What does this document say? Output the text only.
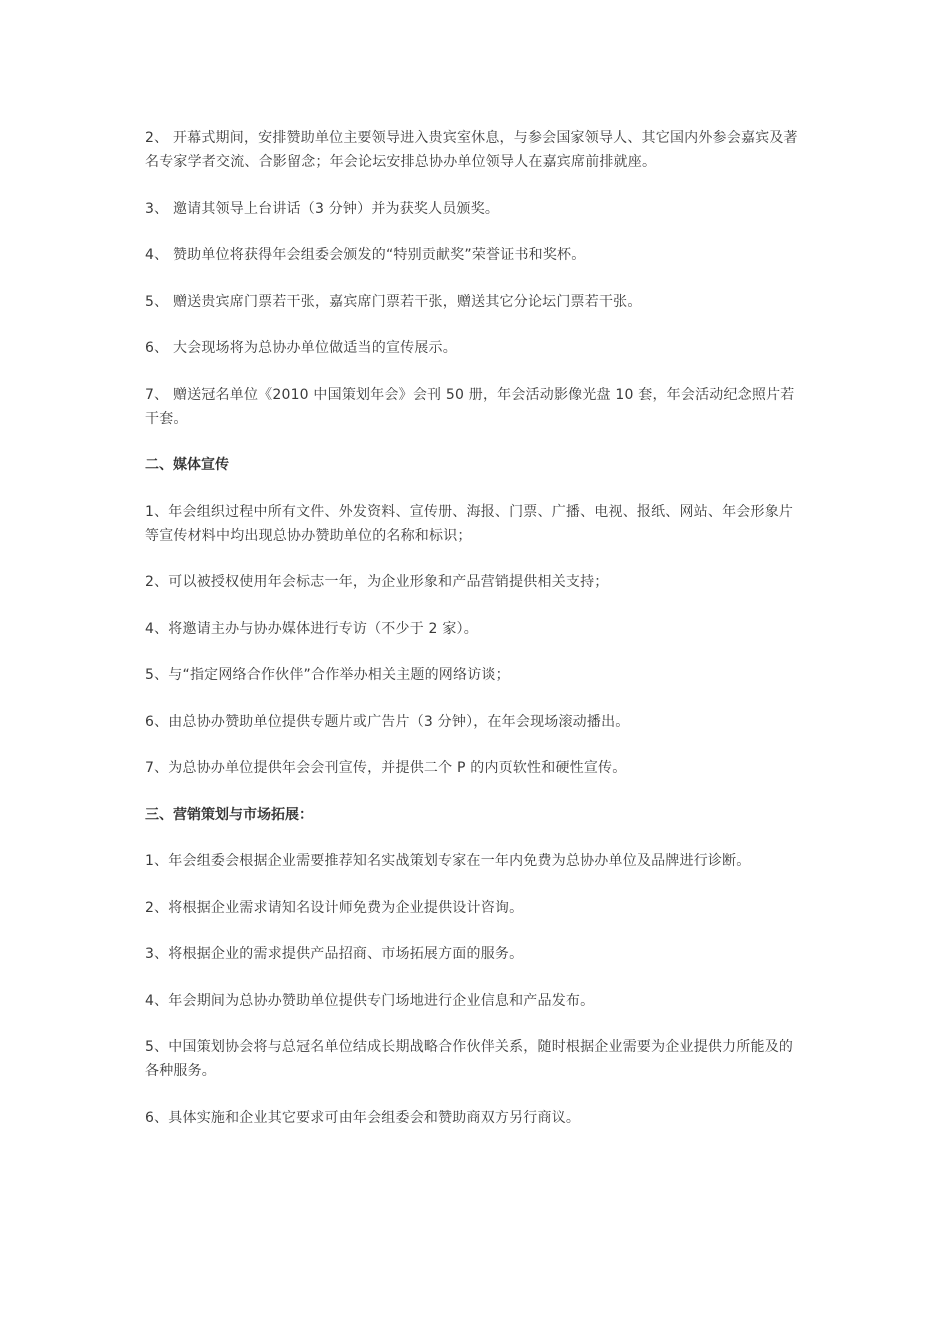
2、 开幕式期间，安排赞助单位主要领导进入贵宾室休息，与参会国家领导人、其它国内外参会嘉宾及著名专家学者交流、合影留念；年会论坛安排总协办单位领导人在嘉宾席前排就座。

3、 邀请其领导上台讲话（3 分钟）并为获奖人员颁奖。

4、 赞助单位将获得年会组委会颁发的“特别贡献奖”荣誉证书和奖杯。

5、 赠送贵宾席门票若干张，嘉宾席门票若干张，赠送其它分论坛门票若干张。

6、 大会现场将为总协办单位做适当的宣传展示。

7、 赠送冠名单位《2010 中国策划年会》会刊 50 册，年会活动影像光盘 10 套，年会活动纪念照片若干套。

二、媒体宣传

1、年会组织过程中所有文件、外发资料、宣传册、海报、门票、广播、电视、报纸、网站、年会形象片等宣传材料中均出现总协办赞助单位的名称和标识；

2、可以被授权使用年会标志一年，为企业形象和产品营销提供相关支持；

4、将邀请主办与协办媒体进行专访（不少于 2 家）。

5、与“指定网络合作伙伴”合作举办相关主题的网络访谈；

6、由总协办赞助单位提供专题片或广告片（3 分钟），在年会现场滚动播出。

7、为总协办单位提供年会会刊宣传，并提供二个 P 的内页软性和硬性宣传。

三、营销策划与市场拓展：

1、年会组委会根据企业需要推荐知名实战策划专家在一年内免费为总协办单位及品牌进行诊断。

2、将根据企业需求请知名设计师免费为企业提供设计咨询。

3、将根据企业的需求提供产品招商、市场拓展方面的服务。

4、年会期间为总协办赞助单位提供专门场地进行企业信息和产品发布。

5、中国策划协会将与总冠名单位结成长期战略合作伙伴关系，随时根据企业需要为企业提供力所能及的各种服务。

6、具体实施和企业其它要求可由年会组委会和赞助商双方另行商议。
